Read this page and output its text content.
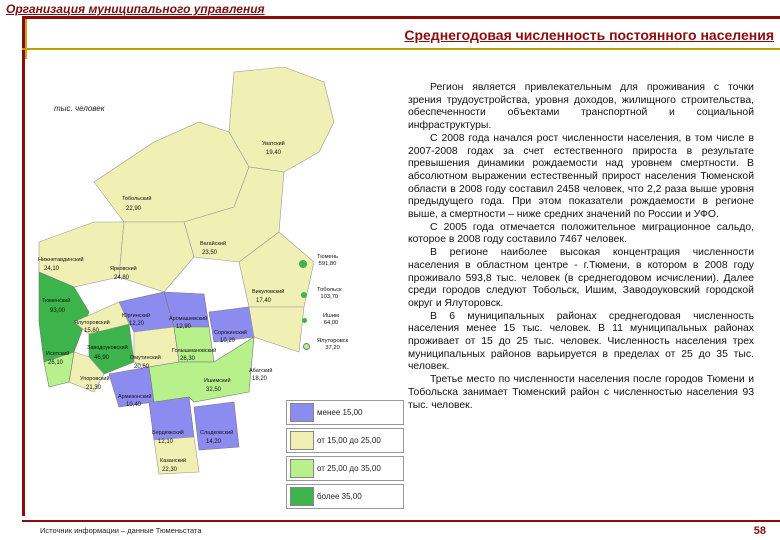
Организация муниципального управления
Среднегодовая численность постоянного населения
тыс. человек
Уватский
19,40
Тобольский
22,90
Вагайский
23,50
Нижнетавдинский
24,10	Ярковский
24,80
Тюменский
93,00
Юргинский
12,20
Аромашевский
12,90
Викуловский
17,40
Ялуторовский
15,60
Исетский
26,10
Заводоуковский
46,90
Голышмановский
26,30
Сорокинский
10,20
Упоровский
21,30
Омутинский
20,60
Ишимский
32,50
Абатский
18,20
Армизонский
10,40
Бердюжский
12,10
Казанский
22,30
Сладковский
14,20
Тюмень
591,80
Тобольск
103,70
Ишим
64,00
Ялуторовск
37,20
менее 15,00
от 15,00 до 25,00
от 25,00 до 35,00
более 35,00

Регион является привлекательным для проживания с точки зрения трудоустройства, уровня доходов, жилищного строительства, обеспеченности объектами транспортной и социальной инфраструктуры.

С 2008 года начался рост численности населения, в том числе в 2007-2008 годах за счет естественного прироста в результате превышения динамики рождаемости над уровнем смертности. В абсолютном выражении естественный прирост населения Тюменской области в 2008 году составил 2458 человек, что 2,2 раза выше уровня предыдущего года. При этом показатели рождаемости в регионе выше, а смертности – ниже средних значений по России и УФО.

С 2005 года отмечается положительное миграционное сальдо, которое в 2008 году составило 7467 человек.

В регионе наиболее высокая концентрация численности населения в областном центре - г.Тюмени, в котором в 2008 году проживало 593,8 тыс. человек (в среднегодовом исчислении). Далее среди городов следуют Тобольск, Ишим, Заводоуковский городской округ и Ялуторовск.

В 6 муниципальных районах среднегодовая численность населения менее 15 тыс. человек. В 11 муниципальных районах проживает от 15 до 25 тыс. человек. Численность населения трех муниципальных районов варьируется в пределах от 25 до 35 тыс. человек.

Третье место по численности населения после городов Тюмени и Тобольска занимает Тюменский район с численностью населения 93 тыс. человек.

Источник информации – данные Тюменьстата	58
